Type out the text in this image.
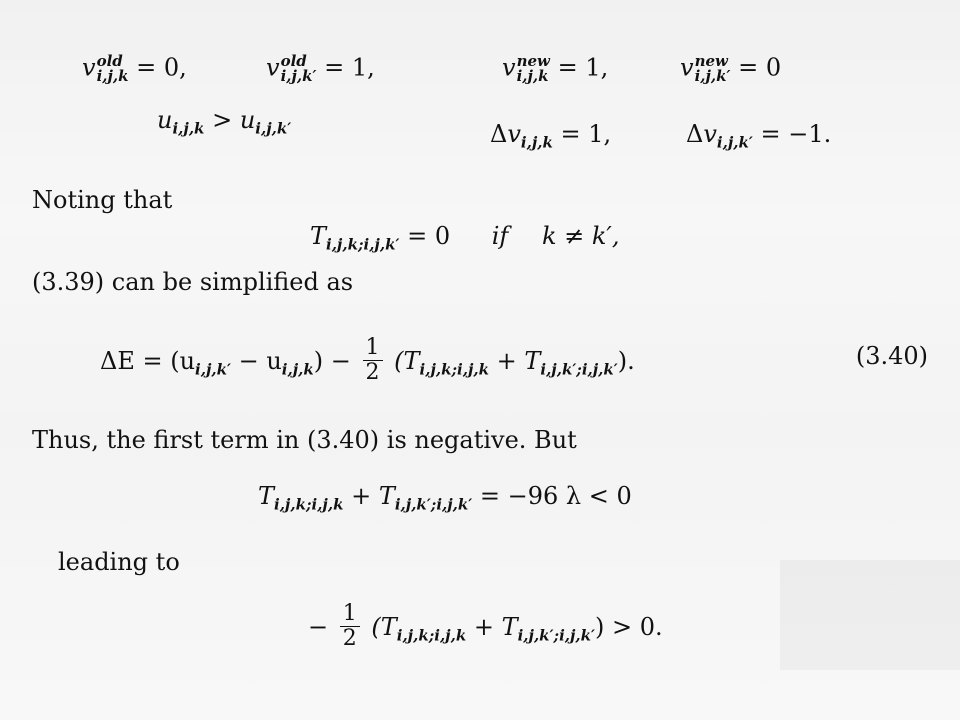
v old
i,j,k = 0,	v old
i,j,k′ = 1,	v new
i,j,k = 1,	v new
i,j,k′ = 0
$u_{i,j,k} > u_{i,j,k'}$	$\Delta v_{i,j,k} = 1$,	$\Delta v_{i,j,k'} = -1$.
Noting that
$T_{i,j,k;i,j,k'} = 0$ if k ≠ k′,
(3.39) can be simplified as
$\Delta E = (u_{i,j,k'} - u_{i,j,k}) - \frac{1}{2} (T_{i,j,k;i,j,k} + T_{i,j,k';i,j,k'})$.	(3.40)
Thus, the first term in (3.40) is negative. But
$T_{i,j,k;i,j,k} + T_{i,j,k';i,j,k'} = -96$ λ < 0
leading to
− $\frac{1}{2} (T_{i,j,k;i,j,k} + T_{i,j,k';i,j,k'}) > 0$.
